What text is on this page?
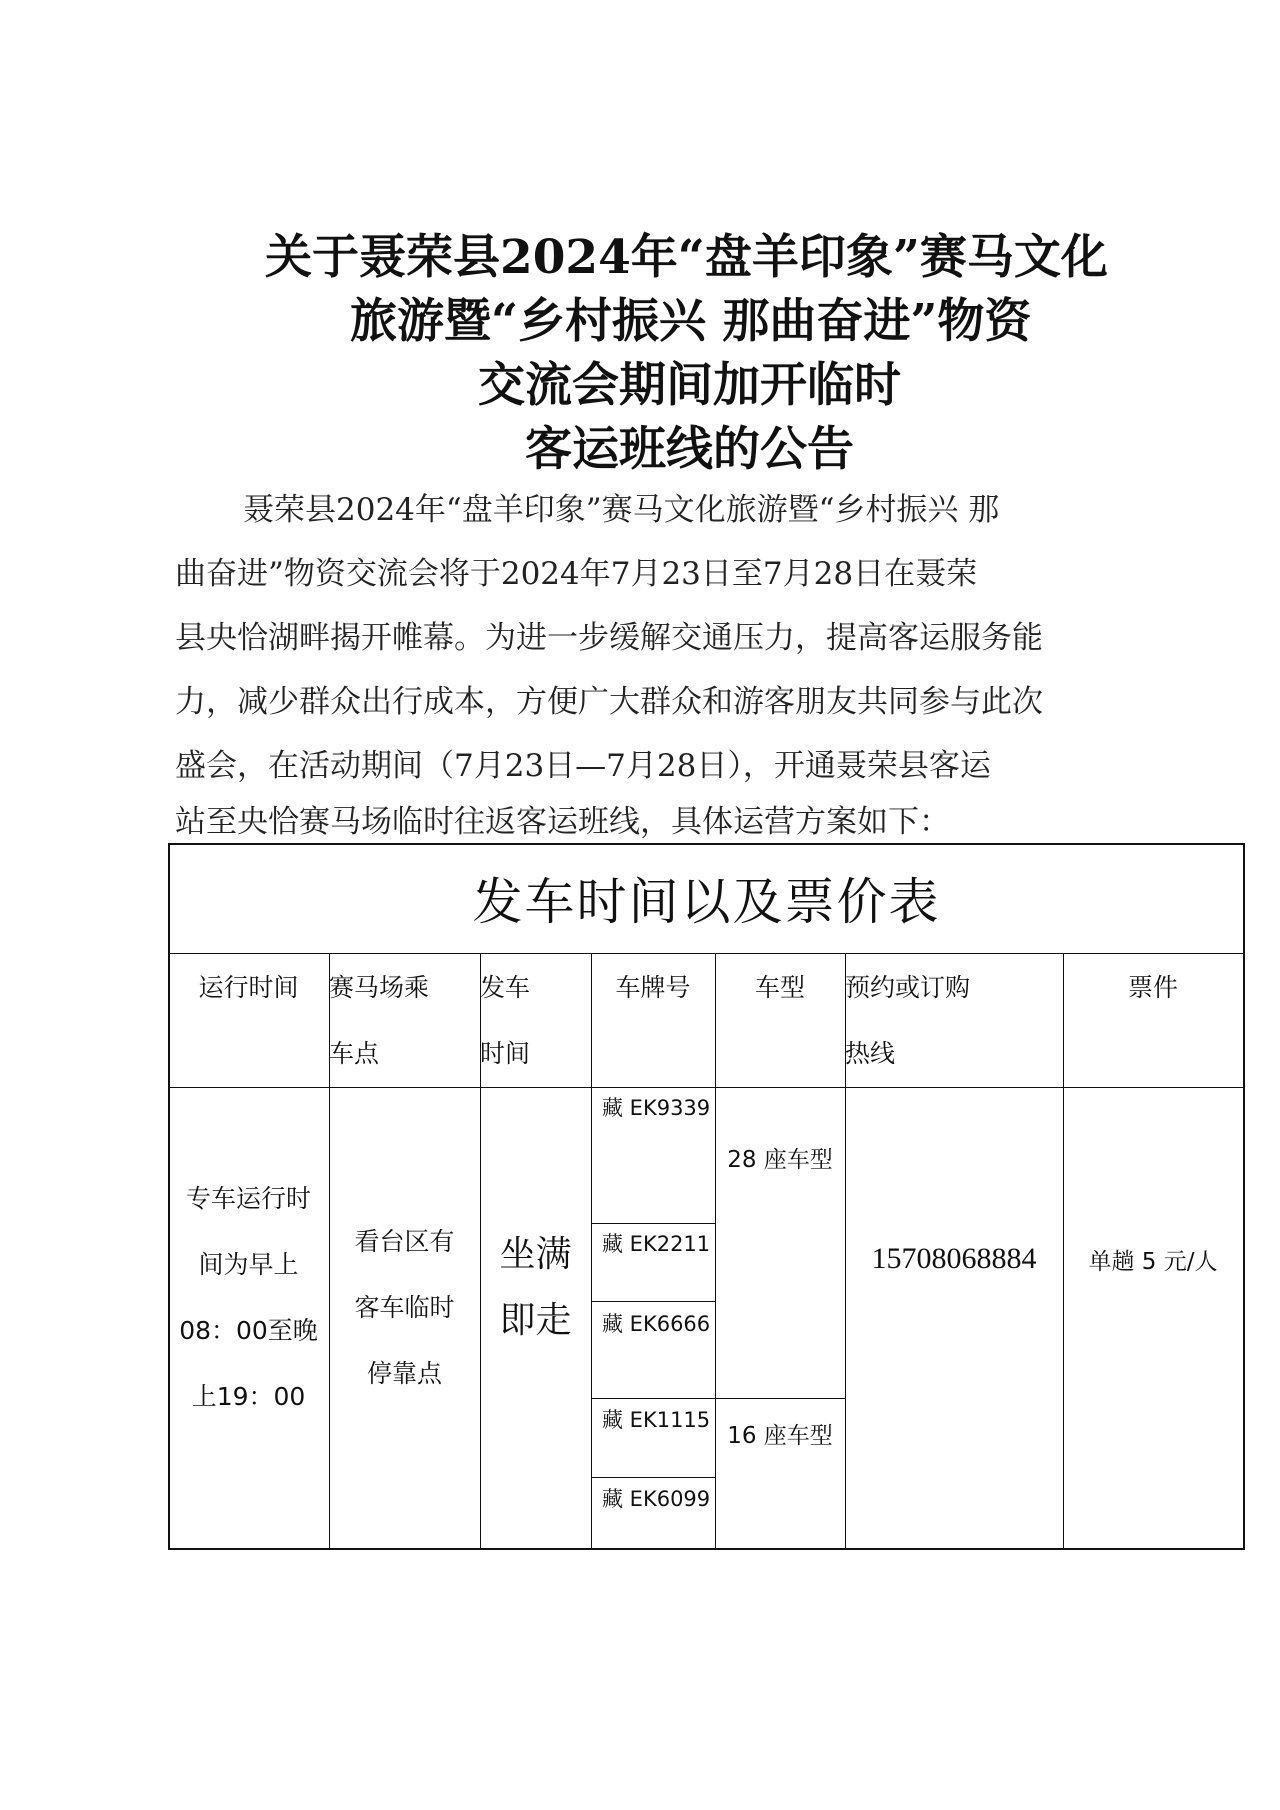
关于聂荣县2024年“盘羊印象”赛马文化
旅游暨“乡村振兴 那曲奋进”物资
交流会期间加开临时
客运班线的公告
聂荣县2024年“盘羊印象”赛马文化旅游暨“乡村振兴 那
曲奋进”物资交流会将于2024年7月23日至7月28日在聂荣
县央恰湖畔揭开帷幕。为进一步缓解交通压力，提高客运服务能
力，减少群众出行成本，方便广大群众和游客朋友共同参与此次
盛会，在活动期间（7月23日—7月28日），开通聂荣县客运
站至央恰赛马场临时往返客运班线，具体运营方案如下：
发车时间以及票价表
运行时间 赛马场乘
车点
发车
时间
车牌号	车型 预约或订购
热线
票件
专车运行时
间为早上
08：00至晚
上19：00
看台区有
客车临时
停靠点
坐满
即走
藏 EK9339
藏 EK2211
藏 EK6666
藏 EK1115
藏 EK6099
28 座车型
16 座车型
15708068884	单趟 5 元/人
